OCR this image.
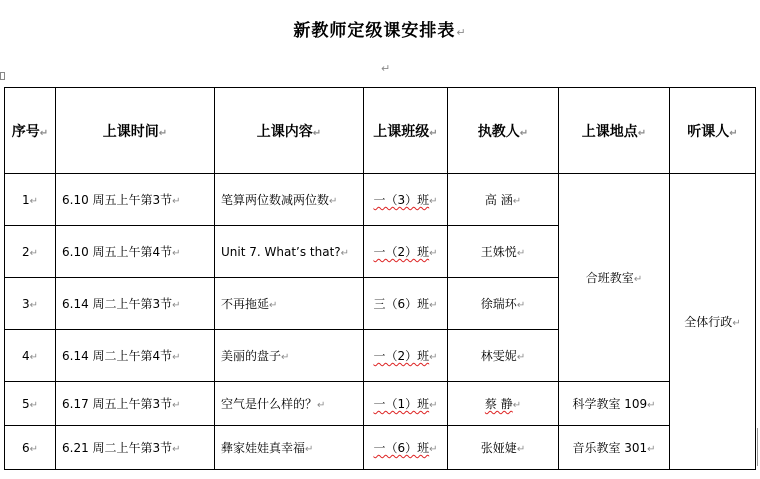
新教师定级课安排表↵
↵
序号↵	上课时间↵	上课内容↵	上课班级↵	执教人↵	上课地点↵	听课人↵
1↵	6.10 周五上午第3节↵	笔算两位数减两位数↵	一（3）班↵	高 涵↵	合班教室↵	全体行政↵
2↵	6.10 周五上午第4节↵	Unit 7. What’s that?↵	一（2）班↵	王姝悦↵		
3↵	6.14 周二上午第3节↵	不再拖延↵	三（6）班↵	徐瑞环↵		
4↵	6.14 周二上午第4节↵	美丽的盘子↵	一（2）班↵	林雯妮↵		
5↵	6.17 周五上午第3节↵	空气是什么样的？↵	一（1）班↵	蔡 静↵	科学教室 109↵	
6↵	6.21 周二上午第3节↵	彝家娃娃真幸福↵	一（6）班↵	张娅婕↵	音乐教室 301↵	
